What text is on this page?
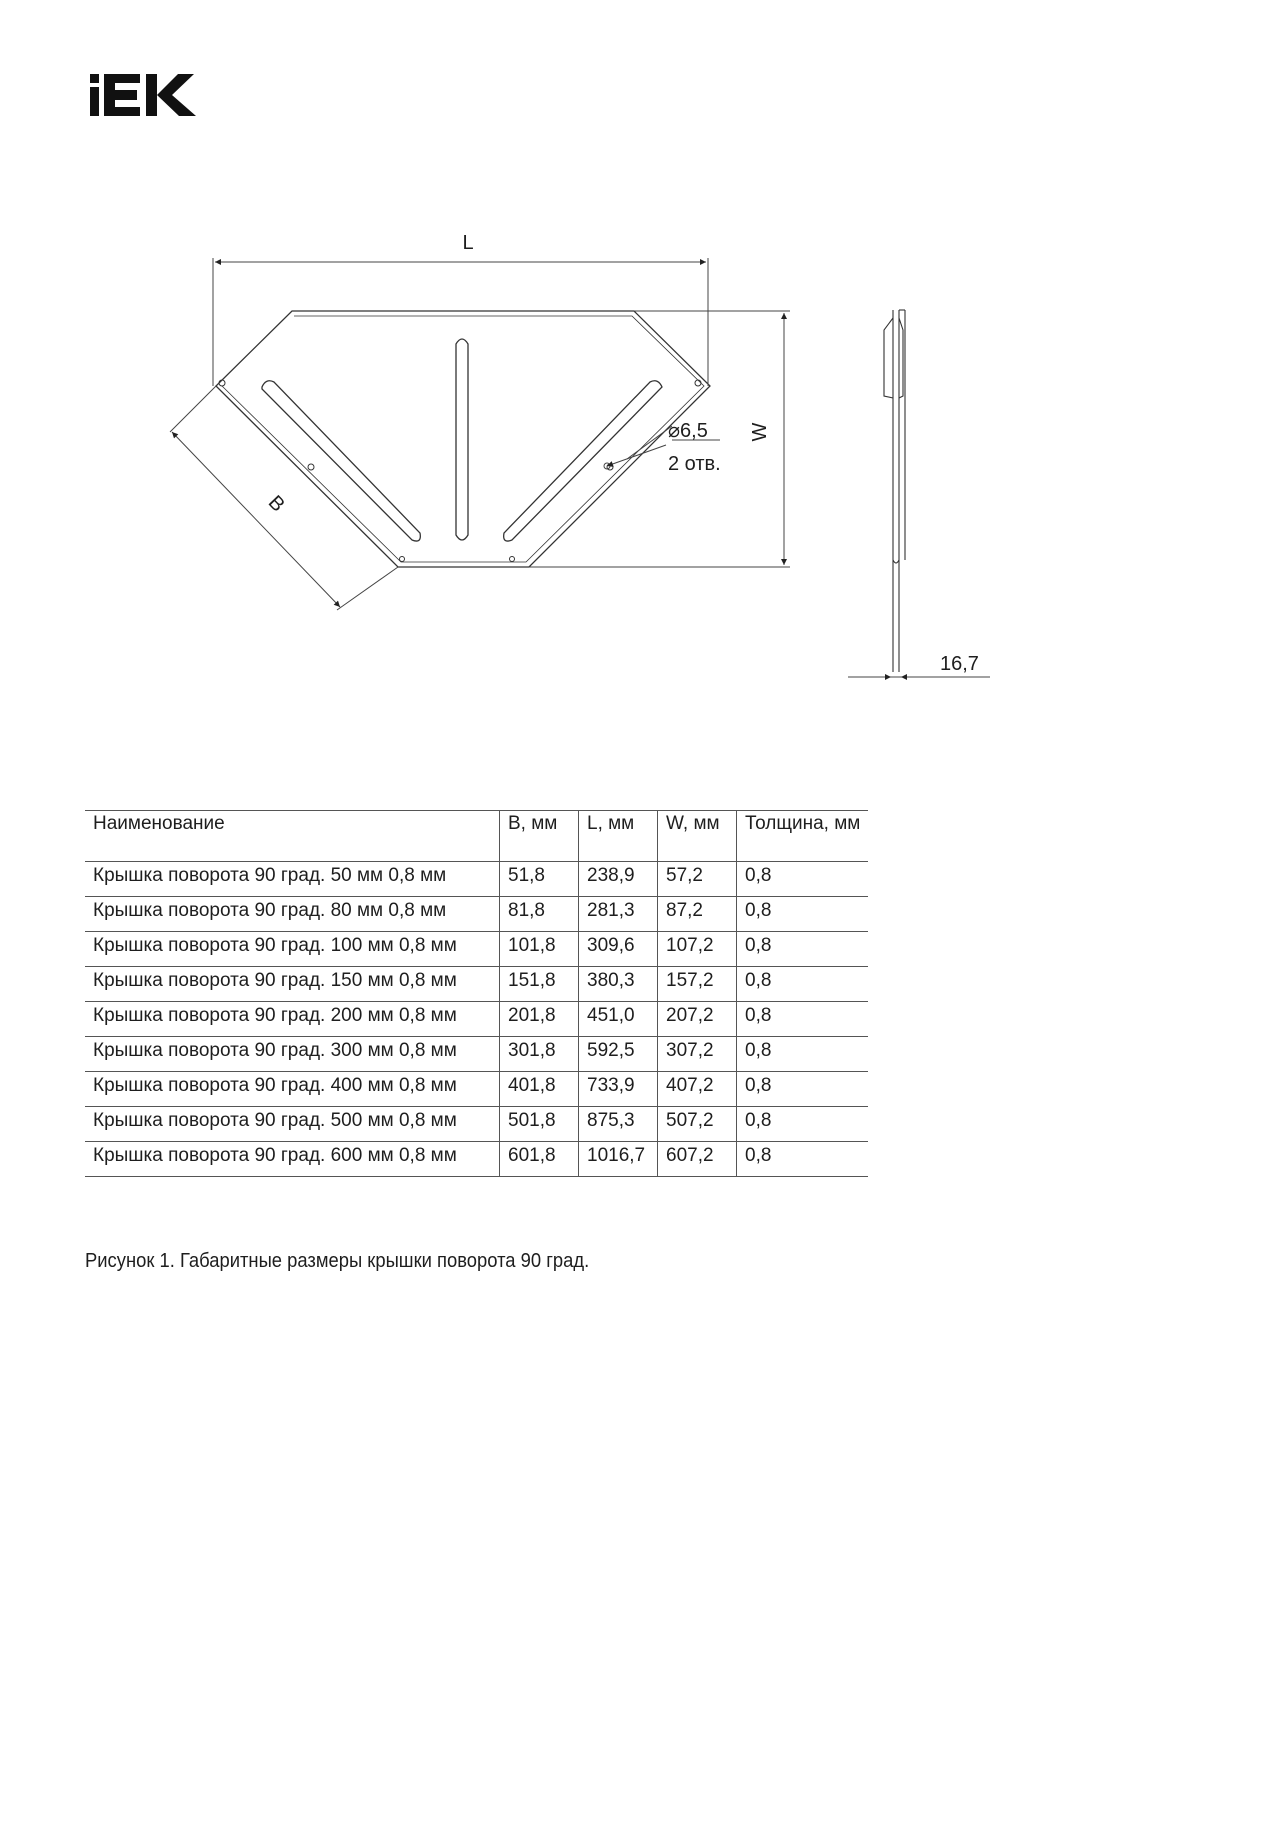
L
W
B
⌀6,5
2 отв.
16,7
Наименование	B, мм	L, мм	W, мм	Толщина, мм
Крышка поворота 90 град. 50 мм 0,8 мм	51,8	238,9	57,2	0,8
Крышка поворота 90 град. 80 мм 0,8 мм	81,8	281,3	87,2	0,8
Крышка поворота 90 град. 100 мм 0,8 мм	101,8	309,6	107,2	0,8
Крышка поворота 90 град. 150 мм 0,8 мм	151,8	380,3	157,2	0,8
Крышка поворота 90 град. 200 мм 0,8 мм	201,8	451,0	207,2	0,8
Крышка поворота 90 град. 300 мм 0,8 мм	301,8	592,5	307,2	0,8
Крышка поворота 90 град. 400 мм 0,8 мм	401,8	733,9	407,2	0,8
Крышка поворота 90 град. 500 мм 0,8 мм	501,8	875,3	507,2	0,8
Крышка поворота 90 град. 600 мм 0,8 мм	601,8	1016,7	607,2	0,8
Рисунок 1. Габаритные размеры крышки поворота 90 град.
